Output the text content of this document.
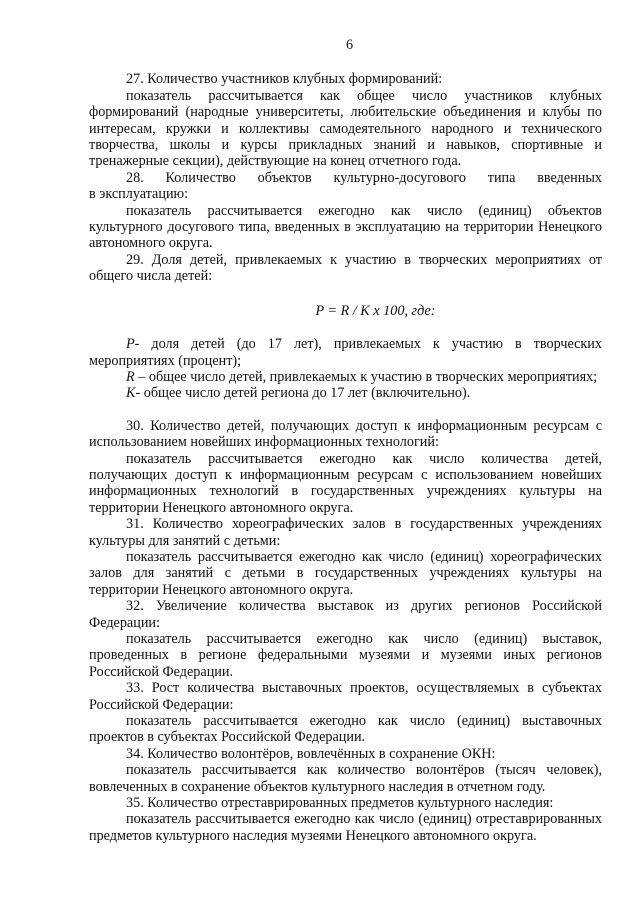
6

27. Количество участников клубных формирований:

показатель рассчитывается как общее число участников клубных формирований (народные университеты, любительские объединения и клубы по интересам, кружки и коллективы самодеятельного народного и технического творчества, школы и курсы прикладных знаний и навыков, спортивные и тренажерные секции), действующие на конец отчетного года.

28. Количество объектов культурно-досугового типа введенных

в эксплуатацию:

показатель рассчитывается ежегодно как число (единиц) объектов культурного досугового типа, введенных в эксплуатацию на территории Ненецкого автономного округа.

29. Доля детей, привлекаемых к участию в творческих мероприятиях от общего числа детей:

P = R / K x 100, где:

P- доля детей (до 17 лет), привлекаемых к участию в творческих мероприятиях (процент);

R – общее число детей, привлекаемых к участию в творческих мероприятиях;

K- общее число детей региона до 17 лет (включительно).

30. Количество детей, получающих доступ к информационным ресурсам с использованием новейших информационных технологий:

показатель рассчитывается ежегодно как число количества детей, получающих доступ к информационным ресурсам с использованием новейших информационных технологий в государственных учреждениях культуры на территории Ненецкого автономного округа.

31. Количество хореографических залов в государственных учреждениях культуры для занятий с детьми:

показатель рассчитывается ежегодно как число (единиц) хореографических залов для занятий с детьми в государственных учреждениях культуры на территории Ненецкого автономного округа.

32. Увеличение количества выставок из других регионов Российской Федерации:

показатель рассчитывается ежегодно как число (единиц) выставок, проведенных в регионе федеральными музеями и музеями иных регионов Российской Федерации.

33. Рост количества выставочных проектов, осуществляемых в субъектах Российской Федерации:

показатель рассчитывается ежегодно как число (единиц) выставочных проектов в субъектах Российской Федерации.

34. Количество волонтёров, вовлечённых в сохранение ОКН:

показатель рассчитывается как количество волонтёров (тысяч человек), вовлеченных в сохранение объектов культурного наследия в отчетном году.

35. Количество отреставрированных предметов культурного наследия:

показатель рассчитывается ежегодно как число (единиц) отреставрированных предметов культурного наследия музеями Ненецкого автономного округа.
